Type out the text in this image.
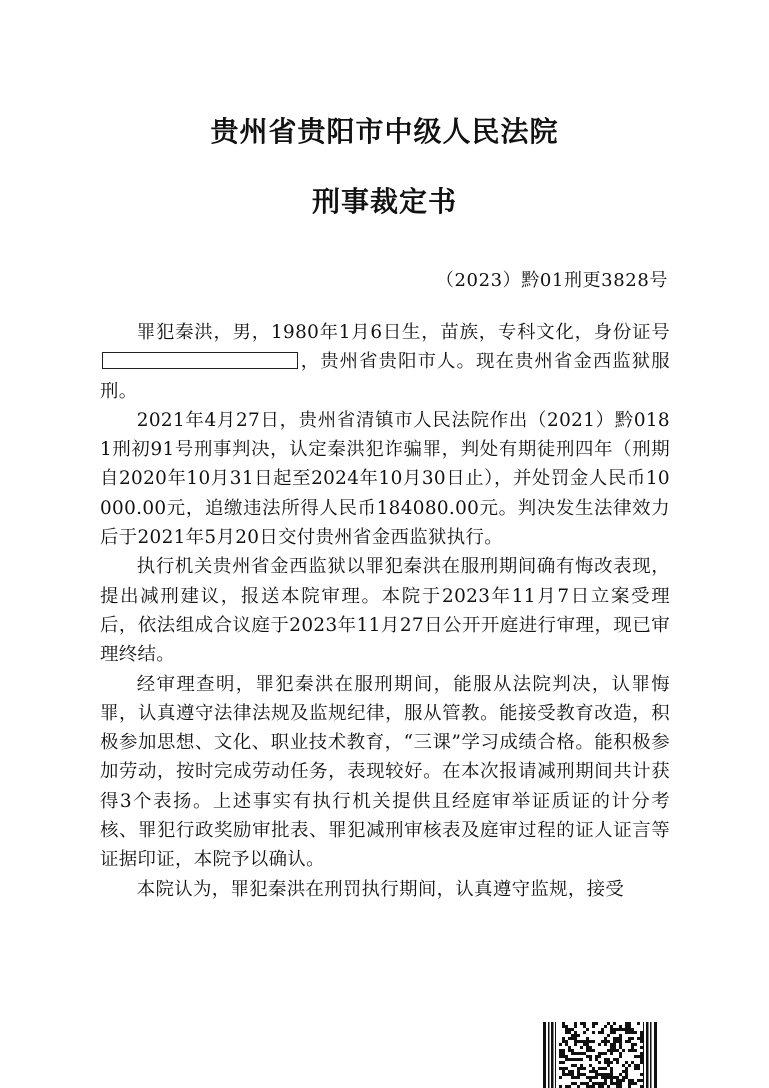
贵州省贵阳市中级人民法院
刑事裁定书
（2023）黔01刑更3828号

罪犯秦洪，男，1980年1月6日生，苗族，专科文化，身份证号，贵州省贵阳市人。现在贵州省金西监狱服刑。

2021年4月27日，贵州省清镇市人民法院作出（2021）黔0181刑初91号刑事判决，认定秦洪犯诈骗罪，判处有期徒刑四年（刑期自2020年10月31日起至2024年10月30日止），并处罚金人民币10000.00元，追缴违法所得人民币184080.00元。判决发生法律效力后于2021年5月20日交付贵州省金西监狱执行。

执行机关贵州省金西监狱以罪犯秦洪在服刑期间确有悔改表现，提出减刑建议，报送本院审理。本院于2023年11月7日立案受理后，依法组成合议庭于2023年11月27日公开开庭进行审理，现已审理终结。

经审理查明，罪犯秦洪在服刑期间，能服从法院判决，认罪悔罪，认真遵守法律法规及监规纪律，服从管教。能接受教育改造，积极参加思想、文化、职业技术教育，“三课”学习成绩合格。能积极参加劳动，按时完成劳动任务，表现较好。在本次报请减刑期间共计获得3个表扬。上述事实有执行机关提供且经庭审举证质证的计分考核、罪犯行政奖励审批表、罪犯减刑审核表及庭审过程的证人证言等证据印证，本院予以确认。

本院认为，罪犯秦洪在刑罚执行期间，认真遵守监规，接受
